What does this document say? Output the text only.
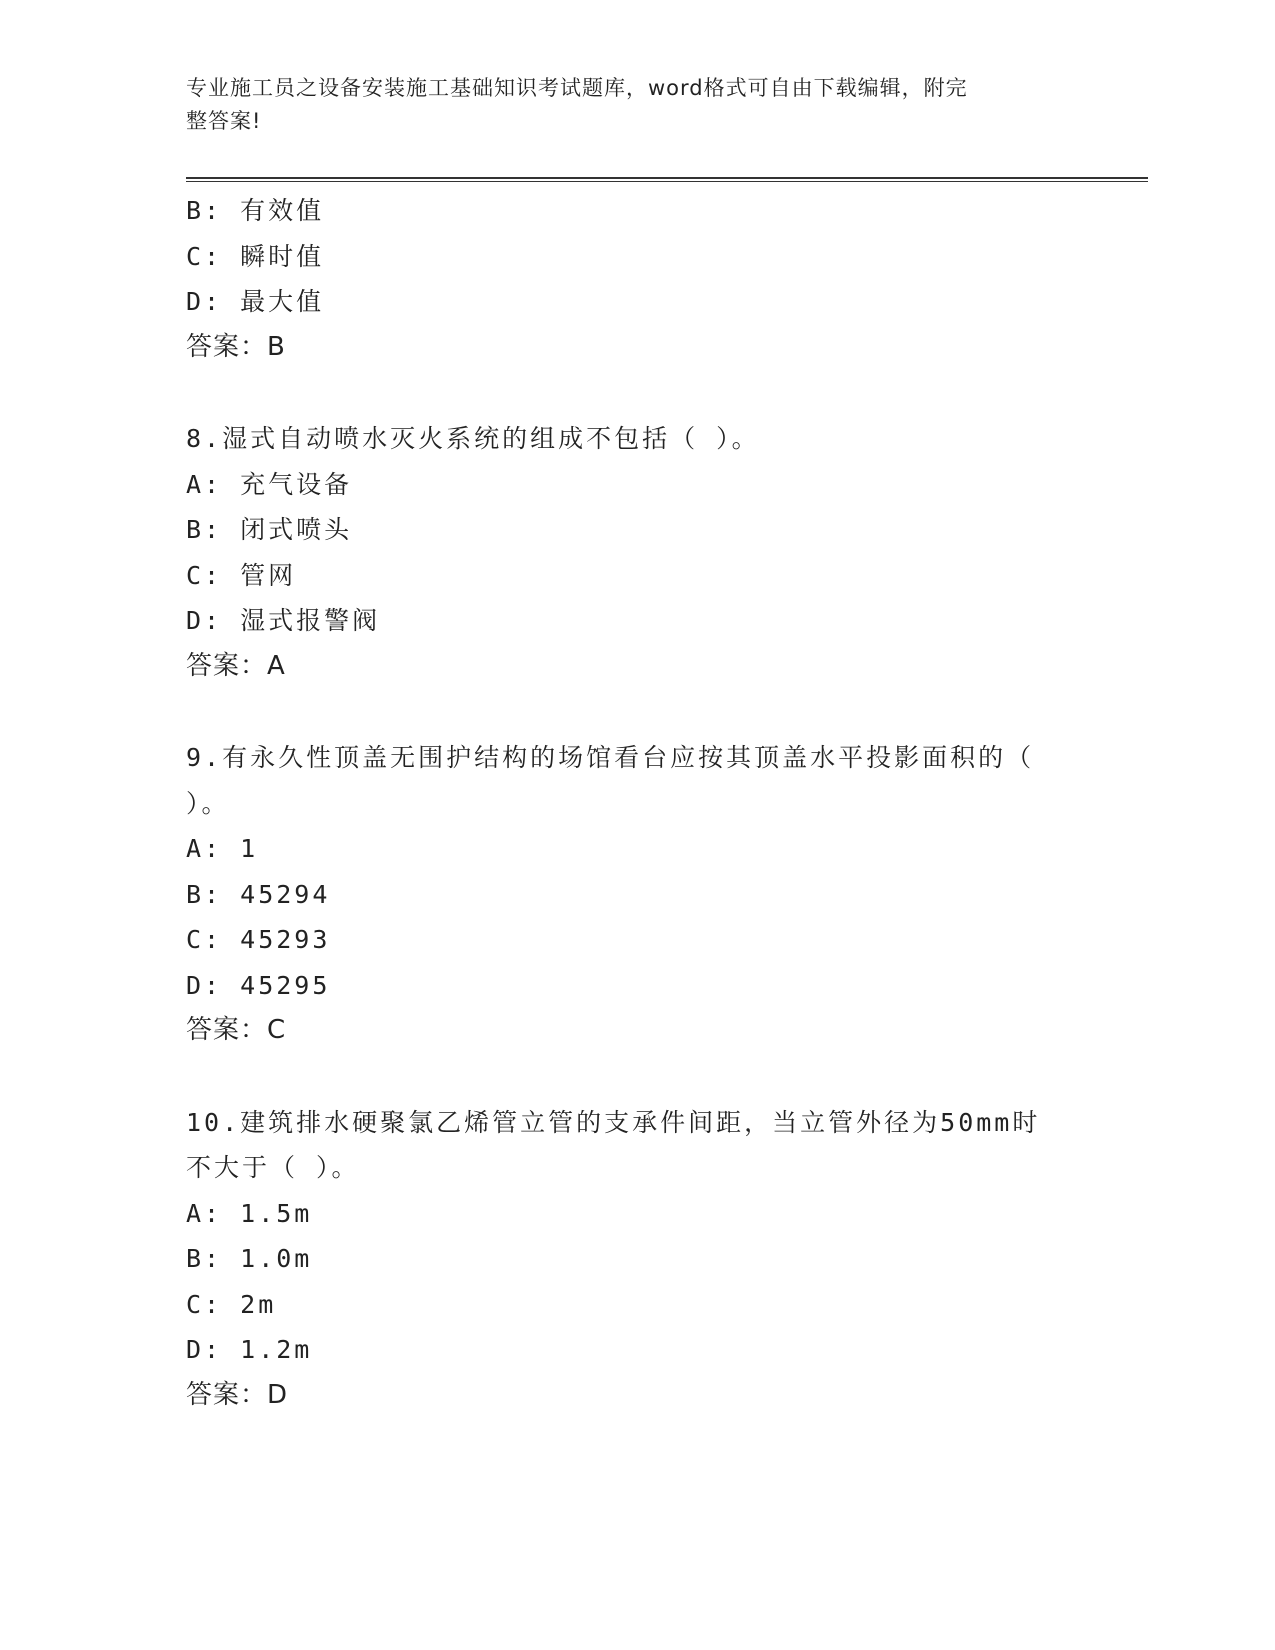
专业施工员之设备安装施工基础知识考试题库，word格式可自由下载编辑，附完
整答案!
B: 有效值
C: 瞬时值
D: 最大值
答案：B
8.湿式自动喷水灭火系统的组成不包括（ ）。
A: 充气设备
B: 闭式喷头
C: 管网
D: 湿式报警阀
答案：A
9.有永久性顶盖无围护结构的场馆看台应按其顶盖水平投影面积的（
）。
A: 1
B: 45294
C: 45293
D: 45295
答案：C
10.建筑排水硬聚氯乙烯管立管的支承件间距，当立管外径为50mm时
不大于（ ）。
A: 1.5m
B: 1.0m
C: 2m
D: 1.2m
答案：D
